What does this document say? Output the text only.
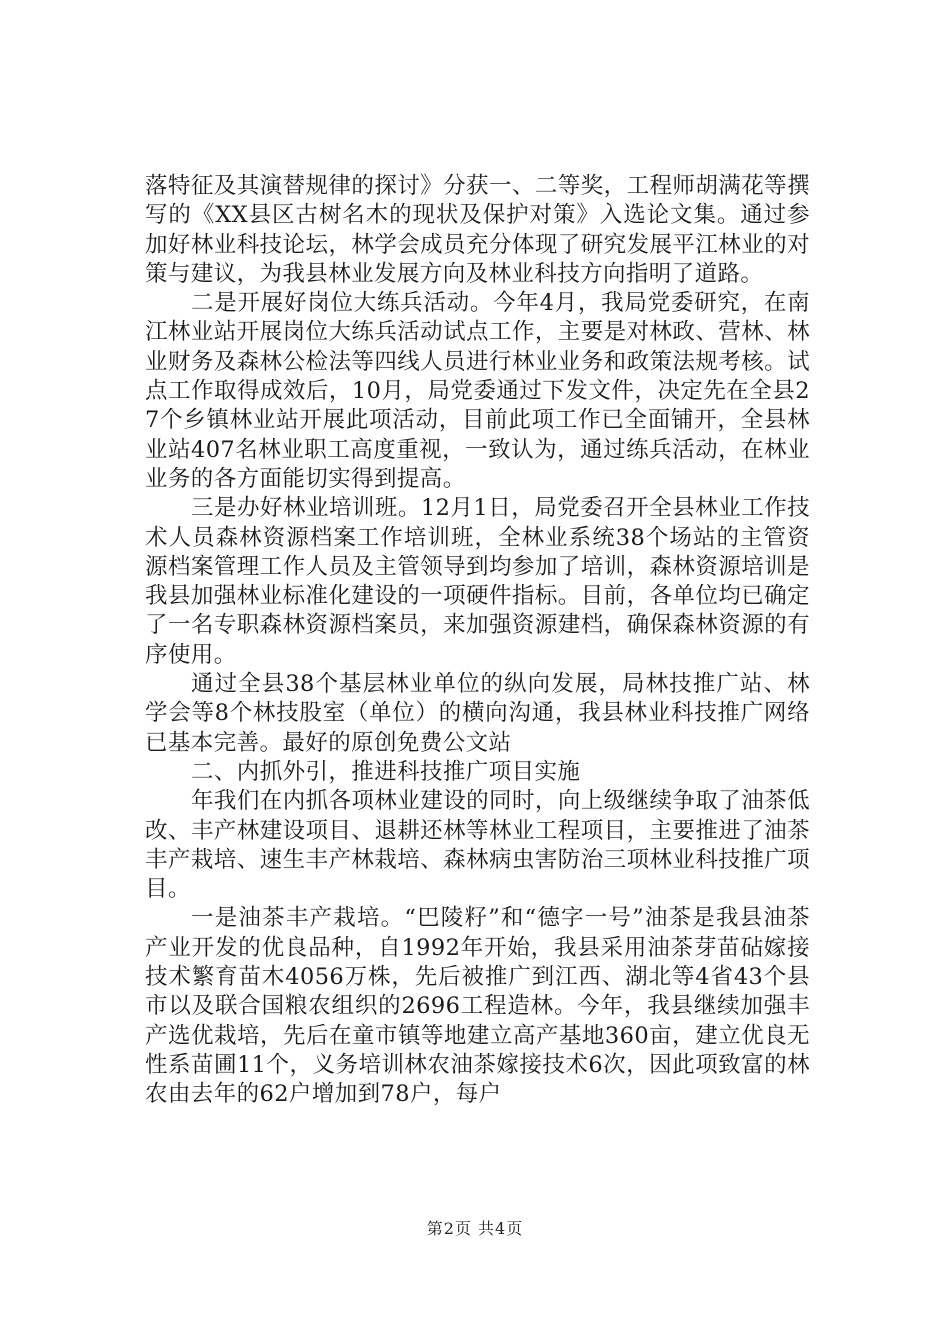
落特征及其演替规律的探讨》分获一、二等奖，工程师胡满花等撰写的《XX县区古树名木的现状及保护对策》入选论文集。通过参加好林业科技论坛，林学会成员充分体现了研究发展平江林业的对策与建议，为我县林业发展方向及林业科技方向指明了道路。

二是开展好岗位大练兵活动。今年4月，我局党委研究，在南江林业站开展岗位大练兵活动试点工作，主要是对林政、营林、林业财务及森林公检法等四线人员进行林业业务和政策法规考核。试点工作取得成效后，10月，局党委通过下发文件，决定先在全县27个乡镇林业站开展此项活动，目前此项工作已全面铺开，全县林业站407名林业职工高度重视，一致认为，通过练兵活动，在林业业务的各方面能切实得到提高。

三是办好林业培训班。12月1日，局党委召开全县林业工作技术人员森林资源档案工作培训班，全林业系统38个场站的主管资源档案管理工作人员及主管领导到均参加了培训，森林资源培训是我县加强林业标准化建设的一项硬件指标。目前，各单位均已确定了一名专职森林资源档案员，来加强资源建档，确保森林资源的有序使用。

通过全县38个基层林业单位的纵向发展，局林技推广站、林学会等8个林技股室（单位）的横向沟通，我县林业科技推广网络已基本完善。最好的原创免费公文站

二、内抓外引，推进科技推广项目实施

年我们在内抓各项林业建设的同时，向上级继续争取了油茶低改、丰产林建设项目、退耕还林等林业工程项目，主要推进了油茶丰产栽培、速生丰产林栽培、森林病虫害防治三项林业科技推广项目。

一是油茶丰产栽培。“巴陵籽”和“德字一号”油茶是我县油茶产业开发的优良品种，自1992年开始，我县采用油茶芽苗砧嫁接技术繁育苗木4056万株，先后被推广到江西、湖北等4省43个县市以及联合国粮农组织的2696工程造林。今年，我县继续加强丰产选优栽培，先后在童市镇等地建立高产基地360亩，建立优良无性系苗圃11个，义务培训林农油茶嫁接技术6次，因此项致富的林农由去年的62户增加到78户，每户

第2页 共4页
